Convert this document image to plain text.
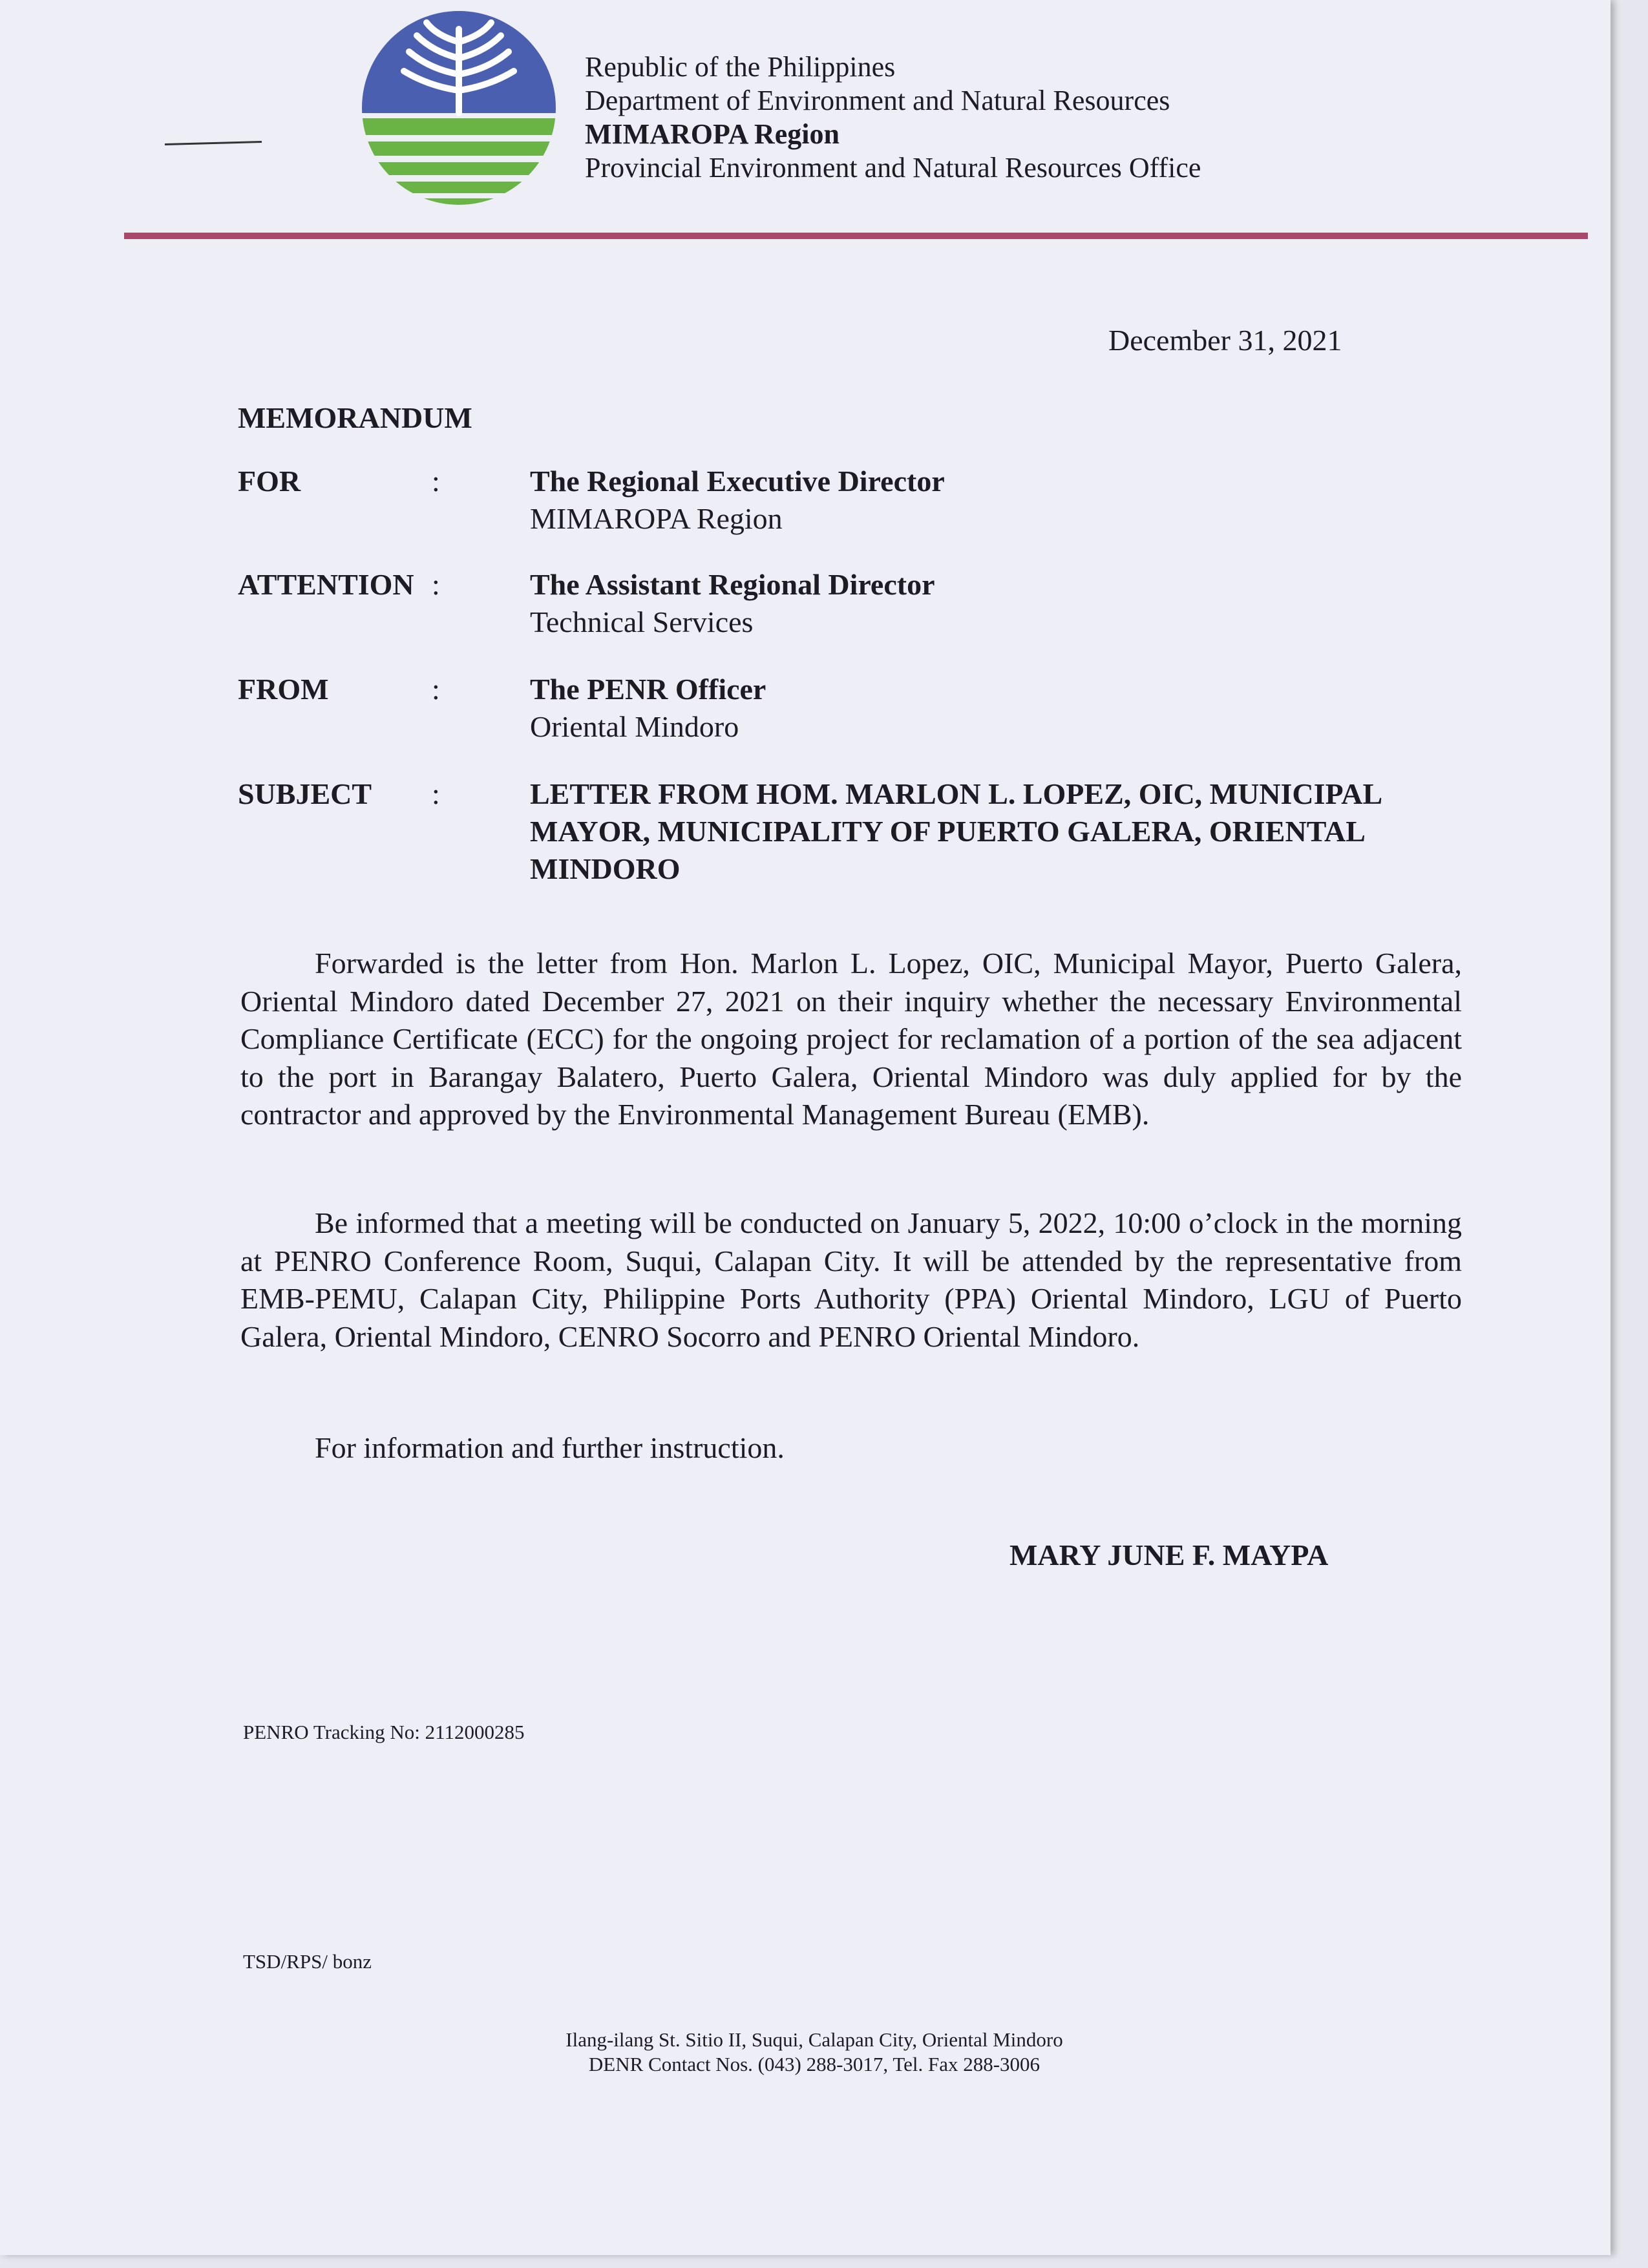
Republic of the Philippines
Department of Environment and Natural Resources
MIMAROPA Region
Provincial Environment and Natural Resources Office
December 31, 2021
MEMORANDUM
FOR	:	The Regional Executive Director
MIMAROPA Region
ATTENTION :	The Assistant Regional Director
Technical Services
FROM	:	The PENR Officer
Oriental Mindoro
SUBJECT :	LETTER FROM HOM. MARLON L. LOPEZ, OIC, MUNICIPAL MAYOR, MUNICIPALITY OF PUERTO GALERA, ORIENTAL MINDORO

Forwarded is the letter from Hon. Marlon L. Lopez, OIC, Municipal Mayor, Puerto Galera, Oriental Mindoro dated December 27, 2021 on their inquiry whether the necessary Environmental Compliance Certificate (ECC) for the ongoing project for reclamation of a portion of the sea adjacent to the port in Barangay Balatero, Puerto Galera, Oriental Mindoro was duly applied for by the contractor and approved by the Environmental Management Bureau (EMB).

Be informed that a meeting will be conducted on January 5, 2022, 10:00 o’clock in the morning at PENRO Conference Room, Suqui, Calapan City. It will be attended by the representative from EMB-PEMU, Calapan City, Philippine Ports Authority (PPA) Oriental Mindoro, LGU of Puerto Galera, Oriental Mindoro, CENRO Socorro and PENRO Oriental Mindoro.

For information and further instruction.

MARY JUNE F. MAYPA
PENRO Tracking No: 2112000285
TSD/RPS/ bonz
Ilang-ilang St. Sitio II, Suqui, Calapan City, Oriental Mindoro
DENR Contact Nos. (043) 288-3017, Tel. Fax 288-3006
